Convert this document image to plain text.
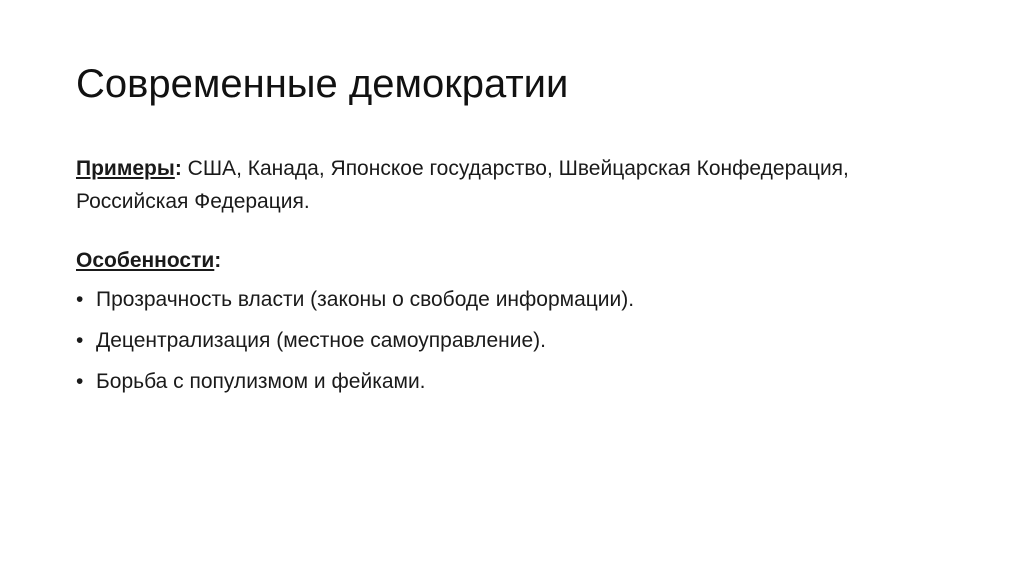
Современные демократии

Примеры: США, Канада, Японское государство, Швейцарская Конфедерация, Российская Федерация.

Особенности:

• Прозрачность власти (законы о свободе информации).
• Децентрализация (местное самоуправление).
• Борьба с популизмом и фейками.
